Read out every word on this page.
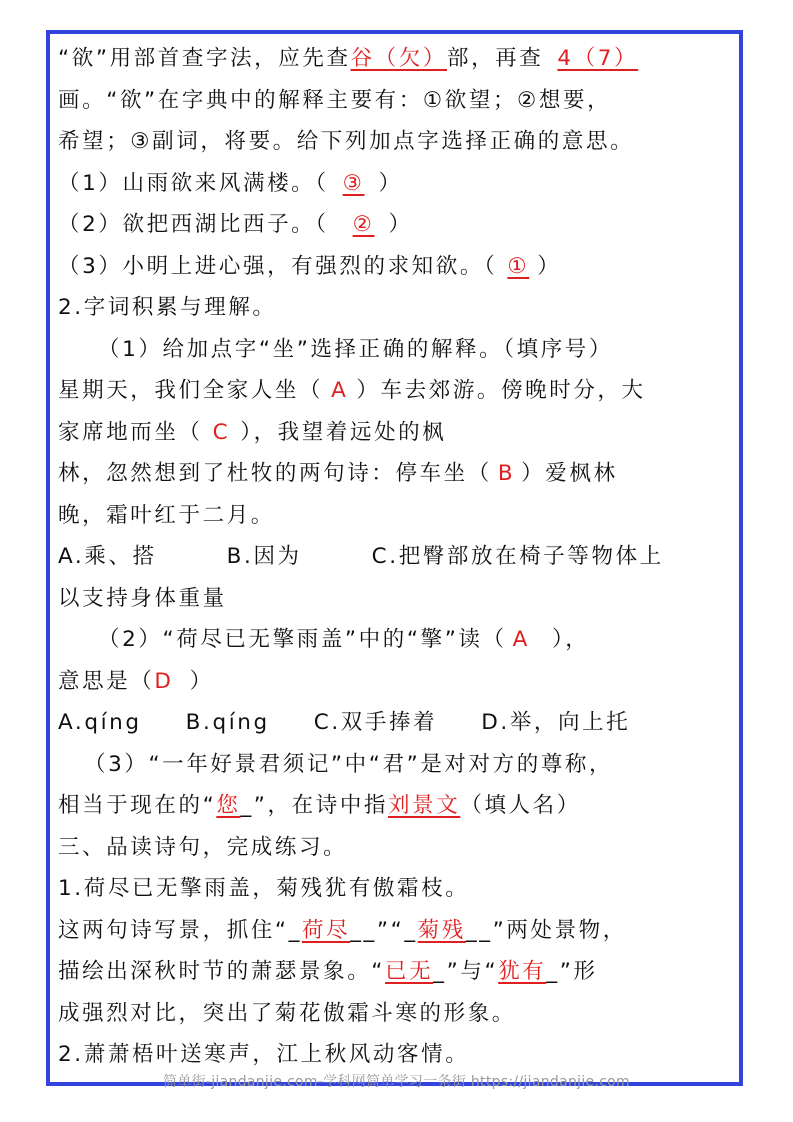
“欲”用部首查字法，应先查谷（欠）部，再查 4（7）
画。“欲”在字典中的解释主要有：①欲望；②想要，
希望；③副词，将要。给下列加点字选择正确的意思。
（1）山雨欲来风满楼。（ ③ ）
（2）欲把西湖比西子。（ ② ）
（3）小明上进心强，有强烈的求知欲。（ ① ）
2.字词积累与理解。
（1）给加点字“坐”选择正确的解释。（填序号）
星期天，我们全家人坐（ A ）车去郊游。傍晚时分，大
家席地而坐（ C ），我望着远处的枫
林，忽然想到了杜牧的两句诗：停车坐（ B ）爱枫林
晚，霜叶红于二月。
A.乘、搭	B.因为	C.把臀部放在椅子等物体上
以支持身体重量
（2）“荷尽已无擎雨盖”中的“擎”读（ A ），
意思是（D ）
A.qíng B.qíng C.双手捧着 D.举，向上托
（3）“一年好景君须记”中“君”是对对方的尊称，
相当于现在的“您_”，在诗中指刘景文（填人名）
三、品读诗句，完成练习。
1.荷尽已无擎雨盖，菊残犹有傲霜枝。
这两句诗写景，抓住“_荷尽__”“_菊残__”两处景物，
描绘出深秋时节的萧瑟景象。“已无_”与“犹有_”形
成强烈对比，突出了菊花傲霜斗寒的形象。
2.萧萧梧叶送寒声，江上秋风动客情。
简单街-jiandanjie.com-学科网简单学习一条街 https://jiandanjie.com
